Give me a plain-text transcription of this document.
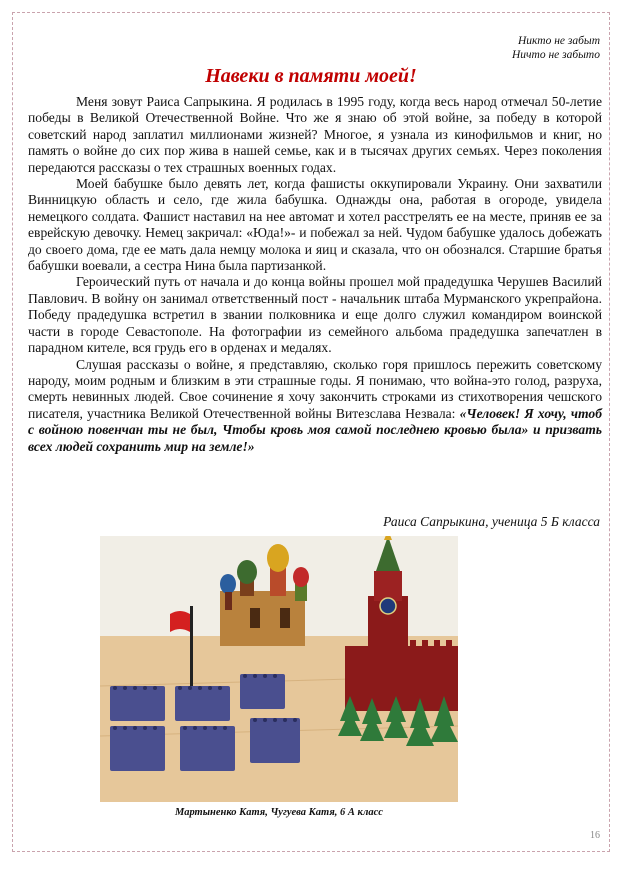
Никто не забыт
Ничто не забыто
Навеки в памяти моей!

Меня зовут Раиса Сапрыкина. Я родилась в 1995 году, когда весь народ отмечал 50-летие победы в Великой Отечественной Войне. Что же я знаю об этой войне, за победу в которой советский народ заплатил миллионами жизней? Многое, я узнала из кинофильмов и книг, но память о войне до сих пор жива в нашей семье, как и в тысячах других семьях. Через поколения передаются рассказы о тех страшных военных годах.

Моей бабушке было девять лет, когда фашисты оккупировали Украину. Они захватили Винницкую область и село, где жила бабушка. Однажды она, работая в огороде, увидела немецкого солдата. Фашист наставил на нее автомат и хотел расстрелять ее на месте, приняв ее за еврейскую девочку. Немец закричал: «Юда!»- и побежал за ней. Чудом бабушке удалось добежать до своего дома, где ее мать дала немцу молока и яиц и сказала, что он обознался. Старшие братья бабушки воевали, а сестра Нина была партизанкой.

Героический путь от начала и до конца войны прошел мой прадедушка Черушев Василий Павлович. В войну он занимал ответственный пост - начальник штаба Мурманского укрепрайона. Победу прадедушка встретил в звании полковника и еще долго служил командиром воинской части в городе Севастополе. На фотографии из семейного альбома прадедушка запечатлен в парадном кителе, вся грудь его в орденах и медалях.

Слушая рассказы о войне, я представляю, сколько горя пришлось пережить советскому народу, моим родным и близким в эти страшные годы. Я понимаю, что война-это голод, разруха, смерть невинных людей. Свое сочинение я хочу закончить строками из стихотворения чешского писателя, участника Великой Отечественной войны Витезслава Незвала: «Человек! Я хочу, чтоб с войною повенчан ты не был, Чтобы кровь моя самой последнею кровью была» и призвать всех людей сохранить мир на земле!»

Раиса Сапрыкина, ученица 5 Б класса
Мартыненко Катя, Чугуева Катя, 6 А класс
16
